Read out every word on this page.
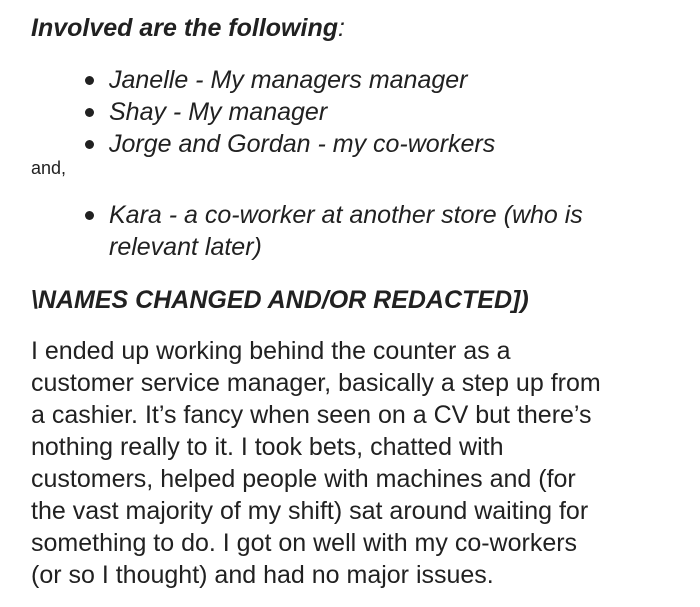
Involved are the following:
Janelle - My managers manager
Shay - My manager
Jorge and Gordan - my co-workers
and,
Kara - a co-worker at another store (who is
relevant later)
\NAMES CHANGED AND/OR REDACTED])

I ended up working behind the counter as a
customer service manager, basically a step up from
a cashier. It’s fancy when seen on a CV but there’s
nothing really to it. I took bets, chatted with
customers, helped people with machines and (for
the vast majority of my shift) sat around waiting for
something to do. I got on well with my co-workers
(or so I thought) and had no major issues.
